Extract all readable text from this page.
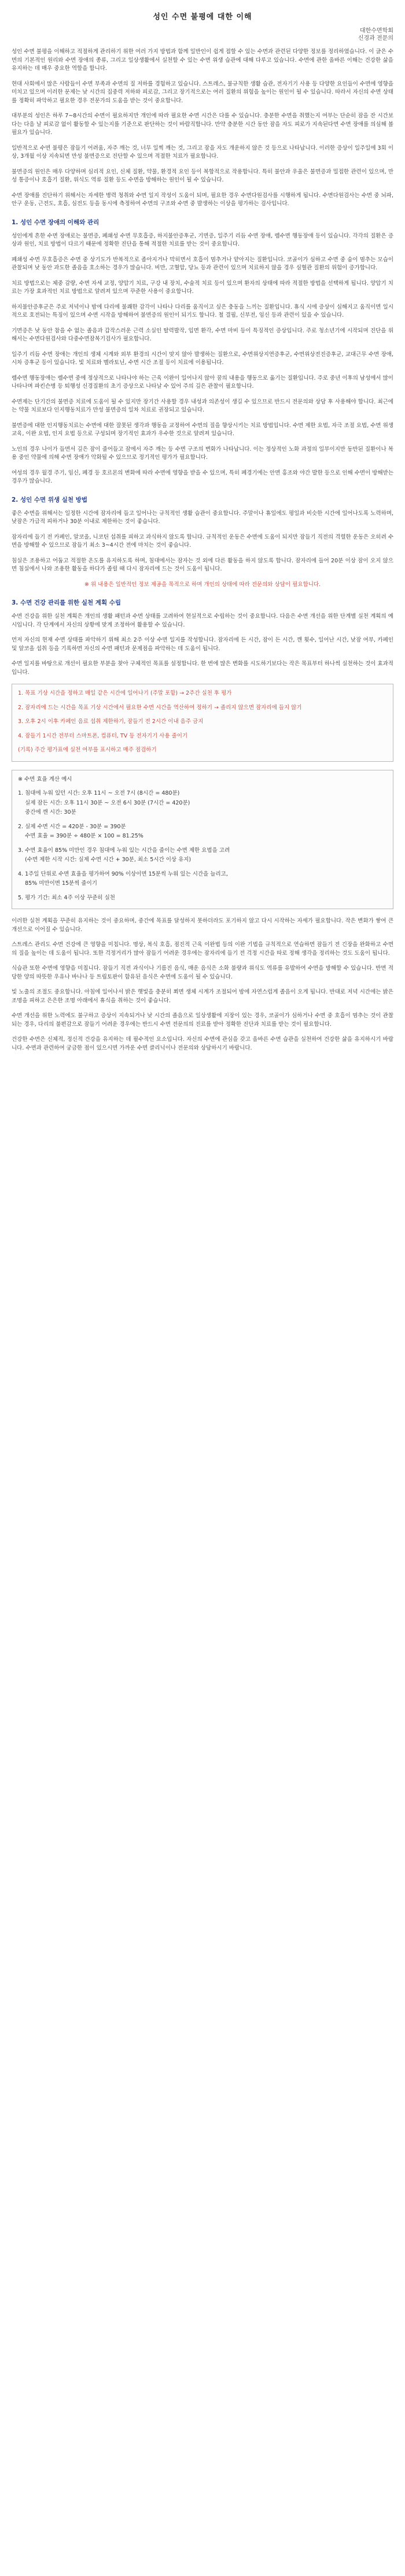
성인 수면 불평에 대한 이해
대한수면학회
신경과 전문의

성인 수면 불평을 이해하고 적절하게 관리하기 위한 여러 가지 방법과 함께 일반인이 쉽게 접할 수 있는 수면과 관련된 다양한 정보를 정리하였습니다. 이 글은 수면의 기본적인 원리와 수면 장애의 종류, 그리고 일상생활에서 실천할 수 있는 수면 위생 습관에 대해 다루고 있습니다. 수면에 관한 올바른 이해는 건강한 삶을 유지하는 데 매우 중요한 역할을 합니다.

현대 사회에서 많은 사람들이 수면 부족과 수면의 질 저하를 경험하고 있습니다. 스트레스, 불규칙한 생활 습관, 전자기기 사용 등 다양한 요인들이 수면에 영향을 미치고 있으며 이러한 문제는 낮 시간의 집중력 저하와 피로감, 그리고 장기적으로는 여러 질환의 위험을 높이는 원인이 될 수 있습니다. 따라서 자신의 수면 상태를 정확히 파악하고 필요한 경우 전문가의 도움을 받는 것이 중요합니다.

대부분의 성인은 하루 7~8시간의 수면이 필요하지만 개인에 따라 필요한 수면 시간은 다를 수 있습니다. 충분한 수면을 취했는지 여부는 단순히 잠을 잔 시간보다는 다음 날 피로감 없이 활동할 수 있는지를 기준으로 판단하는 것이 바람직합니다. 만약 충분한 시간 동안 잠을 자도 피로가 지속된다면 수면 장애를 의심해 볼 필요가 있습니다.

일반적으로 수면 불평은 잠들기 어려움, 자주 깨는 것, 너무 일찍 깨는 것, 그리고 잠을 자도 개운하지 않은 것 등으로 나타납니다. 이러한 증상이 일주일에 3회 이상, 3개월 이상 지속되면 만성 불면증으로 진단할 수 있으며 적절한 치료가 필요합니다.

불면증의 원인은 매우 다양하며 심리적 요인, 신체 질환, 약물, 환경적 요인 등이 복합적으로 작용합니다. 특히 불안과 우울은 불면증과 밀접한 관련이 있으며, 만성 통증이나 호흡기 질환, 위식도 역류 질환 등도 수면을 방해하는 원인이 될 수 있습니다.

수면 장애를 진단하기 위해서는 자세한 병력 청취와 수면 일지 작성이 도움이 되며, 필요한 경우 수면다원검사를 시행하게 됩니다. 수면다원검사는 수면 중 뇌파, 안구 운동, 근전도, 호흡, 심전도 등을 동시에 측정하여 수면의 구조와 수면 중 발생하는 이상을 평가하는 검사입니다.

1. 성인 수면 장애의 이해와 관리

성인에게 흔한 수면 장애로는 불면증, 폐쇄성 수면 무호흡증, 하지불안증후군, 기면증, 일주기 리듬 수면 장애, 렘수면 행동장애 등이 있습니다. 각각의 질환은 증상과 원인, 치료 방법이 다르기 때문에 정확한 진단을 통해 적절한 치료를 받는 것이 중요합니다.

폐쇄성 수면 무호흡증은 수면 중 상기도가 반복적으로 좁아지거나 막히면서 호흡이 멈추거나 얕아지는 질환입니다. 코골이가 심하고 수면 중 숨이 멈추는 모습이 관찰되며 낮 동안 과도한 졸음을 호소하는 경우가 많습니다. 비만, 고혈압, 당뇨 등과 관련이 있으며 치료하지 않을 경우 심혈관 질환의 위험이 증가합니다.

치료 방법으로는 체중 감량, 수면 자세 교정, 양압기 치료, 구강 내 장치, 수술적 치료 등이 있으며 환자의 상태에 따라 적절한 방법을 선택하게 됩니다. 양압기 치료는 가장 효과적인 치료 방법으로 알려져 있으며 꾸준한 사용이 중요합니다.

하지불안증후군은 주로 저녁이나 밤에 다리에 불쾌한 감각이 나타나 다리를 움직이고 싶은 충동을 느끼는 질환입니다. 휴식 시에 증상이 심해지고 움직이면 일시적으로 호전되는 특징이 있으며 수면 시작을 방해하여 불면증의 원인이 되기도 합니다. 철 결핍, 신부전, 임신 등과 관련이 있을 수 있습니다.

기면증은 낮 동안 참을 수 없는 졸음과 갑작스러운 근력 소실인 탈력발작, 입면 환각, 수면 마비 등이 특징적인 증상입니다. 주로 청소년기에 시작되며 진단을 위해서는 수면다원검사와 다중수면잠복기검사가 필요합니다.

일주기 리듬 수면 장애는 개인의 생체 시계와 외부 환경의 시간이 맞지 않아 발생하는 질환으로, 수면위상지연증후군, 수면위상전진증후군, 교대근무 수면 장애, 시차 증후군 등이 있습니다. 빛 치료와 멜라토닌, 수면 시간 조절 등이 치료에 이용됩니다.

렘수면 행동장애는 렘수면 중에 정상적으로 나타나야 하는 근육 이완이 일어나지 않아 꿈의 내용을 행동으로 옮기는 질환입니다. 주로 중년 이후의 남성에서 많이 나타나며 파킨슨병 등 퇴행성 신경질환의 초기 증상으로 나타날 수 있어 주의 깊은 관찰이 필요합니다.

수면제는 단기간의 불면증 치료에 도움이 될 수 있지만 장기간 사용할 경우 내성과 의존성이 생길 수 있으므로 반드시 전문의와 상담 후 사용해야 합니다. 최근에는 약물 치료보다 인지행동치료가 만성 불면증의 일차 치료로 권장되고 있습니다.

불면증에 대한 인지행동치료는 수면에 대한 잘못된 생각과 행동을 교정하여 수면의 질을 향상시키는 치료 방법입니다. 수면 제한 요법, 자극 조절 요법, 수면 위생 교육, 이완 요법, 인지 요법 등으로 구성되며 장기적인 효과가 우수한 것으로 알려져 있습니다.

노인의 경우 나이가 들면서 깊은 잠이 줄어들고 잠에서 자주 깨는 등 수면 구조의 변화가 나타납니다. 이는 정상적인 노화 과정의 일부이지만 동반된 질환이나 복용 중인 약물에 의해 수면 장애가 악화될 수 있으므로 정기적인 평가가 필요합니다.

여성의 경우 월경 주기, 임신, 폐경 등 호르몬의 변화에 따라 수면에 영향을 받을 수 있으며, 특히 폐경기에는 안면 홍조와 야간 발한 등으로 인해 수면이 방해받는 경우가 많습니다.

2. 성인 수면 위생 실천 방법

좋은 수면을 위해서는 일정한 시간에 잠자리에 들고 일어나는 규칙적인 생활 습관이 중요합니다. 주말이나 휴일에도 평일과 비슷한 시간에 일어나도록 노력하며, 낮잠은 가급적 피하거나 30분 이내로 제한하는 것이 좋습니다.

잠자리에 들기 전 카페인, 알코올, 니코틴 섭취를 피하고 과식하지 않도록 합니다. 규칙적인 운동은 수면에 도움이 되지만 잠들기 직전의 격렬한 운동은 오히려 수면을 방해할 수 있으므로 잠들기 최소 3~4시간 전에 마치는 것이 좋습니다.

침실은 조용하고 어둡고 적절한 온도를 유지하도록 하며, 침대에서는 잠자는 것 외에 다른 활동을 하지 않도록 합니다. 잠자리에 들어 20분 이상 잠이 오지 않으면 침실에서 나와 조용한 활동을 하다가 졸릴 때 다시 잠자리에 드는 것이 도움이 됩니다.

※ 위 내용은 일반적인 정보 제공을 목적으로 하며 개인의 상태에 따라 전문의와 상담이 필요합니다.

3. 수면 건강 관리를 위한 실천 계획 수립

수면 건강을 위한 실천 계획은 개인의 생활 패턴과 수면 상태를 고려하여 현실적으로 수립하는 것이 중요합니다. 다음은 수면 개선을 위한 단계별 실천 계획의 예시입니다. 각 단계에서 자신의 상황에 맞게 조정하여 활용할 수 있습니다.

먼저 자신의 현재 수면 상태를 파악하기 위해 최소 2주 이상 수면 일지를 작성합니다. 잠자리에 든 시간, 잠이 든 시간, 깬 횟수, 일어난 시간, 낮잠 여부, 카페인 및 알코올 섭취 등을 기록하면 자신의 수면 패턴과 문제점을 파악하는 데 도움이 됩니다.

수면 일지를 바탕으로 개선이 필요한 부분을 찾아 구체적인 목표를 설정합니다. 한 번에 많은 변화를 시도하기보다는 작은 목표부터 하나씩 실천하는 것이 효과적입니다.

1. 목표 기상 시간을 정하고 매일 같은 시간에 일어나기 (주말 포함) → 2주간 실천 후 평가
2. 잠자리에 드는 시간을 목표 기상 시간에서 필요한 수면 시간을 역산하여 정하기 → 졸리지 않으면 잠자리에 들지 않기
3. 오후 2시 이후 카페인 음료 섭취 제한하기, 잠들기 전 2시간 이내 음주 금지
4. 잠들기 1시간 전부터 스마트폰, 컴퓨터, TV 등 전자기기 사용 줄이기
(기록) 주간 평가표에 실천 여부를 표시하고 매주 점검하기
※ 수면 효율 계산 예시
1. 침대에 누워 있던 시간: 오후 11시 ~ 오전 7시 (8시간 = 480분)
실제 잠든 시간: 오후 11시 30분 ~ 오전 6시 30분 (7시간 = 420분)
중간에 깬 시간: 30분
2. 실제 수면 시간 = 420분 - 30분 = 390분
수면 효율 = 390분 ÷ 480분 × 100 = 81.25%
3. 수면 효율이 85% 미만인 경우 침대에 누워 있는 시간을 줄이는 수면 제한 요법을 고려
(수면 제한 시작 시간: 실제 수면 시간 + 30분, 최소 5시간 이상 유지)
4. 1주일 단위로 수면 효율을 평가하여 90% 이상이면 15분씩 누워 있는 시간을 늘리고,
85% 미만이면 15분씩 줄이기
5. 평가 기간: 최소 4주 이상 꾸준히 실천

이러한 실천 계획을 꾸준히 유지하는 것이 중요하며, 중간에 목표를 달성하지 못하더라도 포기하지 않고 다시 시작하는 자세가 필요합니다. 작은 변화가 쌓여 큰 개선으로 이어질 수 있습니다.

스트레스 관리도 수면 건강에 큰 영향을 미칩니다. 명상, 복식 호흡, 점진적 근육 이완법 등의 이완 기법을 규칙적으로 연습하면 잠들기 전 긴장을 완화하고 수면의 질을 높이는 데 도움이 됩니다. 또한 걱정거리가 많아 잠들기 어려운 경우에는 잠자리에 들기 전 걱정 시간을 따로 정해 생각을 정리하는 것도 도움이 됩니다.

식습관 또한 수면에 영향을 미칩니다. 잠들기 직전 과식이나 기름진 음식, 매운 음식은 소화 불량과 위식도 역류를 유발하여 수면을 방해할 수 있습니다. 반면 적당한 양의 따뜻한 우유나 바나나 등 트립토판이 함유된 음식은 수면에 도움이 될 수 있습니다.

빛 노출의 조절도 중요합니다. 아침에 일어나서 밝은 햇빛을 충분히 쬐면 생체 시계가 조절되어 밤에 자연스럽게 졸음이 오게 됩니다. 반대로 저녁 시간에는 밝은 조명을 피하고 은은한 조명 아래에서 휴식을 취하는 것이 좋습니다.

수면 개선을 위한 노력에도 불구하고 증상이 지속되거나 낮 시간의 졸음으로 일상생활에 지장이 있는 경우, 코골이가 심하거나 수면 중 호흡이 멈추는 것이 관찰되는 경우, 다리의 불편감으로 잠들기 어려운 경우에는 반드시 수면 전문의의 진료를 받아 정확한 진단과 치료를 받는 것이 필요합니다.

건강한 수면은 신체적, 정신적 건강을 유지하는 데 필수적인 요소입니다. 자신의 수면에 관심을 갖고 올바른 수면 습관을 실천하여 건강한 삶을 유지하시기 바랍니다. 수면과 관련하여 궁금한 점이 있으시면 가까운 수면 클리닉이나 전문의와 상담하시기 바랍니다.
